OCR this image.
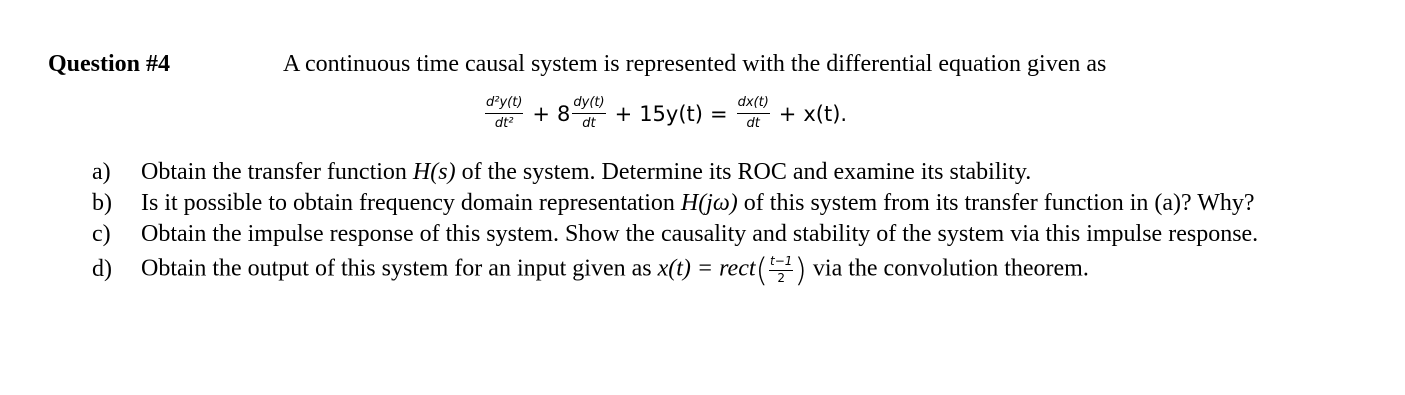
Question #4	A continuous time causal system is represented with the differential equation given as
$\frac{\text{d²y(t)}}{\text{dt²}} + 8 \frac{dy(t)}{dt} + 15y(t) = \frac{dx(t)}{dt} + x(t)$.
a) Obtain the transfer function H(s) of the system. Determine its ROC and examine its stability.
b) Is it possible to obtain frequency domain representation H(jω) of this system from its transfer function in (a)? Why?
c) Obtain the impulse response of this system. Show the causality and stability of the system via this impulse response.
d) Obtain the output of this system for an input given as x(t) = rect ( $\frac{t-1}{2}$ ) via the convolution theorem.
